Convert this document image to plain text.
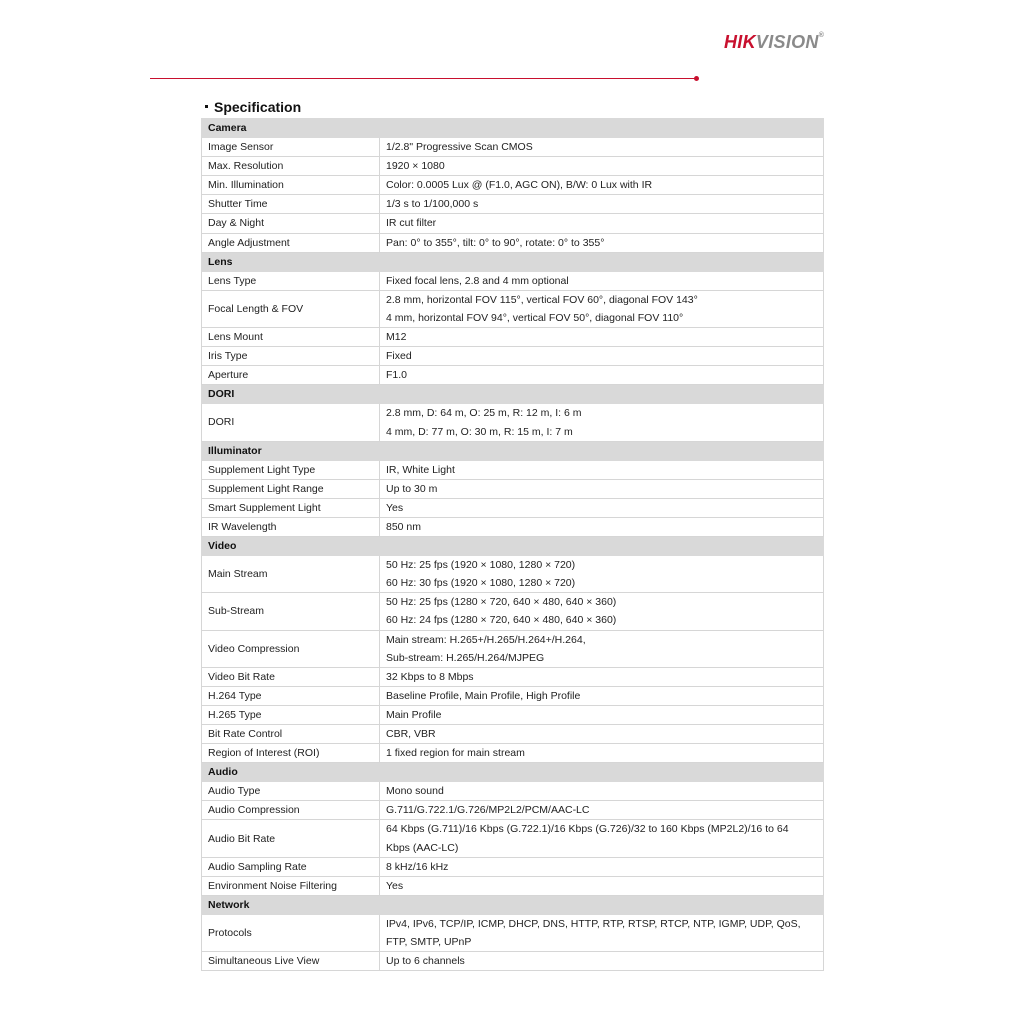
HIKVISION®
Specification
Camera	
Image Sensor	1/2.8" Progressive Scan CMOS

Max. Resolution	1920 × 1080

Min. Illumination	Color: 0.0005 Lux @ (F1.0, AGC ON), B/W: 0 Lux with IR

Shutter Time	1/3 s to 1/100,000 s

Day & Night	IR cut filter

Angle Adjustment	Pan: 0° to 355°, tilt: 0° to 90°, rotate: 0° to 355°

Lens	
Lens Type	Fixed focal lens, 2.8 and 4 mm optional

Focal Length & FOV	2.8 mm, horizontal FOV 115°, vertical FOV 60°, diagonal FOV 143°
4 mm, horizontal FOV 94°, vertical FOV 50°, diagonal FOV 110°

Lens Mount	M12

Iris Type	Fixed

Aperture	F1.0

DORI	
DORI	2.8 mm, D: 64 m, O: 25 m, R: 12 m, I: 6 m
4 mm, D: 77 m, O: 30 m, R: 15 m, I: 7 m

Illuminator	
Supplement Light Type	IR, White Light

Supplement Light Range	Up to 30 m

Smart Supplement Light	Yes

IR Wavelength	850 nm

Video	
Main Stream	50 Hz: 25 fps (1920 × 1080, 1280 × 720)
60 Hz: 30 fps (1920 × 1080, 1280 × 720)

Sub-Stream	50 Hz: 25 fps (1280 × 720, 640 × 480, 640 × 360)
60 Hz: 24 fps (1280 × 720, 640 × 480, 640 × 360)

Video Compression	Main stream: H.265+/H.265/H.264+/H.264,
Sub-stream: H.265/H.264/MJPEG

Video Bit Rate	32 Kbps to 8 Mbps

H.264 Type	Baseline Profile, Main Profile, High Profile

H.265 Type	Main Profile

Bit Rate Control	CBR, VBR

Region of Interest (ROI)	1 fixed region for main stream

Audio	
Audio Type	Mono sound

Audio Compression	G.711/G.722.1/G.726/MP2L2/PCM/AAC-LC

Audio Bit Rate	64 Kbps (G.711)/16 Kbps (G.722.1)/16 Kbps (G.726)/32 to 160 Kbps (MP2L2)/16 to 64
Kbps (AAC-LC)

Audio Sampling Rate	8 kHz/16 kHz

Environment Noise Filtering	Yes

Network	
Protocols	IPv4, IPv6, TCP/IP, ICMP, DHCP, DNS, HTTP, RTP, RTSP, RTCP, NTP, IGMP, UDP, QoS,
FTP, SMTP, UPnP

Simultaneous Live View	Up to 6 channels
